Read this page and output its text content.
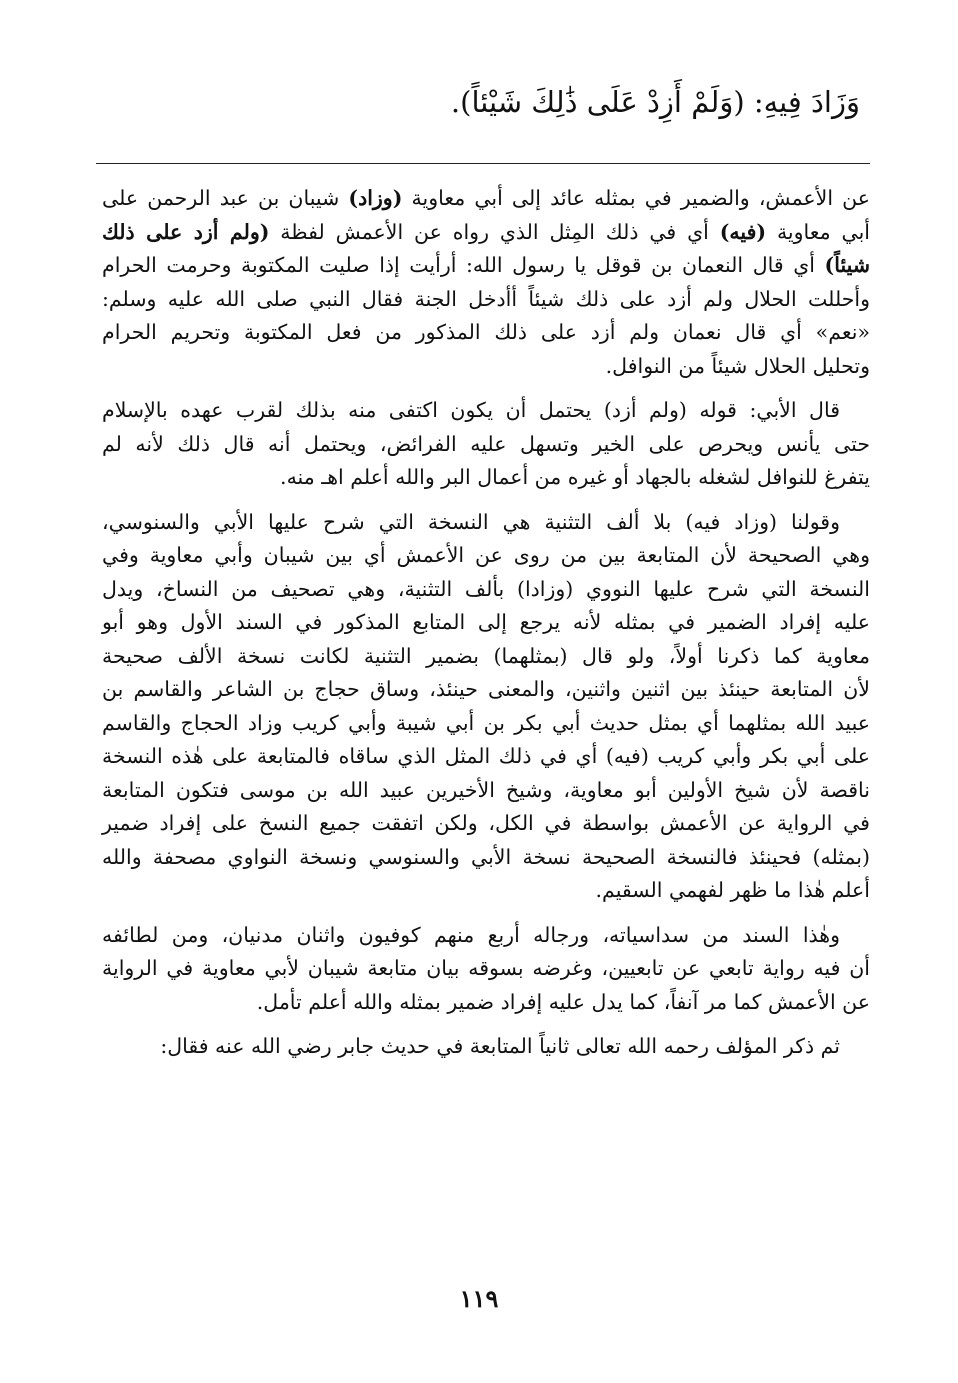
وَزَادَ فِيهِ: (وَلَمْ أَزِدْ عَلَى ذَٰلِكَ شَيْئاً).
عن الأعمش، والضمير في بمثله عائد إلى أبي معاوية (وزاد) شيبان بن عبد الرحمن على
أبي معاوية (فيه) أي في ذلك المِثل الذي رواه عن الأعمش لفظة (ولم أزد على ذلك
شيئاً) أي قال النعمان بن قوقل يا رسول الله: أرأيت إذا صليت المكتوبة وحرمت الحرام
وأحللت الحلال ولم أزد على ذلك شيئاً أأدخل الجنة فقال النبي صلى الله عليه وسلم:
«نعم» أي قال نعمان ولم أزد على ذلك المذكور من فعل المكتوبة وتحريم الحرام
وتحليل الحلال شيئاً من النوافل.
قال الأبي: قوله (ولم أزد) يحتمل أن يكون اكتفى منه بذلك لقرب عهده بالإسلام
حتى يأنس ويحرص على الخير وتسهل عليه الفرائض، ويحتمل أنه قال ذلك لأنه لم
يتفرغ للنوافل لشغله بالجهاد أو غيره من أعمال البر والله أعلم اهـ منه.
وقولنا (وزاد فيه) بلا ألف التثنية هي النسخة التي شرح عليها الأبي والسنوسي،
وهي الصحيحة لأن المتابعة بين من روى عن الأعمش أي بين شيبان وأبي معاوية وفي
النسخة التي شرح عليها النووي (وزادا) بألف التثنية، وهي تصحيف من النساخ، ويدل
عليه إفراد الضمير في بمثله لأنه يرجع إلى المتابع المذكور في السند الأول وهو أبو
معاوية كما ذكرنا أولاً، ولو قال (بمثلهما) بضمير التثنية لكانت نسخة الألف صحيحة
لأن المتابعة حينئذ بين اثنين واثنين، والمعنى حينئذ، وساق حجاج بن الشاعر والقاسم بن
عبيد الله بمثلهما أي بمثل حديث أبي بكر بن أبي شيبة وأبي كريب وزاد الحجاج والقاسم
على أبي بكر وأبي كريب (فيه) أي في ذلك المثل الذي ساقاه فالمتابعة على هٰذه النسخة
ناقصة لأن شيخ الأولين أبو معاوية، وشيخ الأخيرين عبيد الله بن موسى فتكون المتابعة
في الرواية عن الأعمش بواسطة في الكل، ولكن اتفقت جميع النسخ على إفراد ضمير
(بمثله) فحينئذ فالنسخة الصحيحة نسخة الأبي والسنوسي ونسخة النواوي مصحفة والله
أعلم هٰذا ما ظهر لفهمي السقيم.
وهٰذا السند من سداسياته، ورجاله أربع منهم كوفيون واثنان مدنيان، ومن لطائفه
أن فيه رواية تابعي عن تابعيين، وغرضه بسوقه بيان متابعة شيبان لأبي معاوية في الرواية
عن الأعمش كما مر آنفاً، كما يدل عليه إفراد ضمير بمثله والله أعلم تأمل.
ثم ذكر المؤلف رحمه الله تعالى ثانياً المتابعة في حديث جابر رضي الله عنه فقال:
١١٩
